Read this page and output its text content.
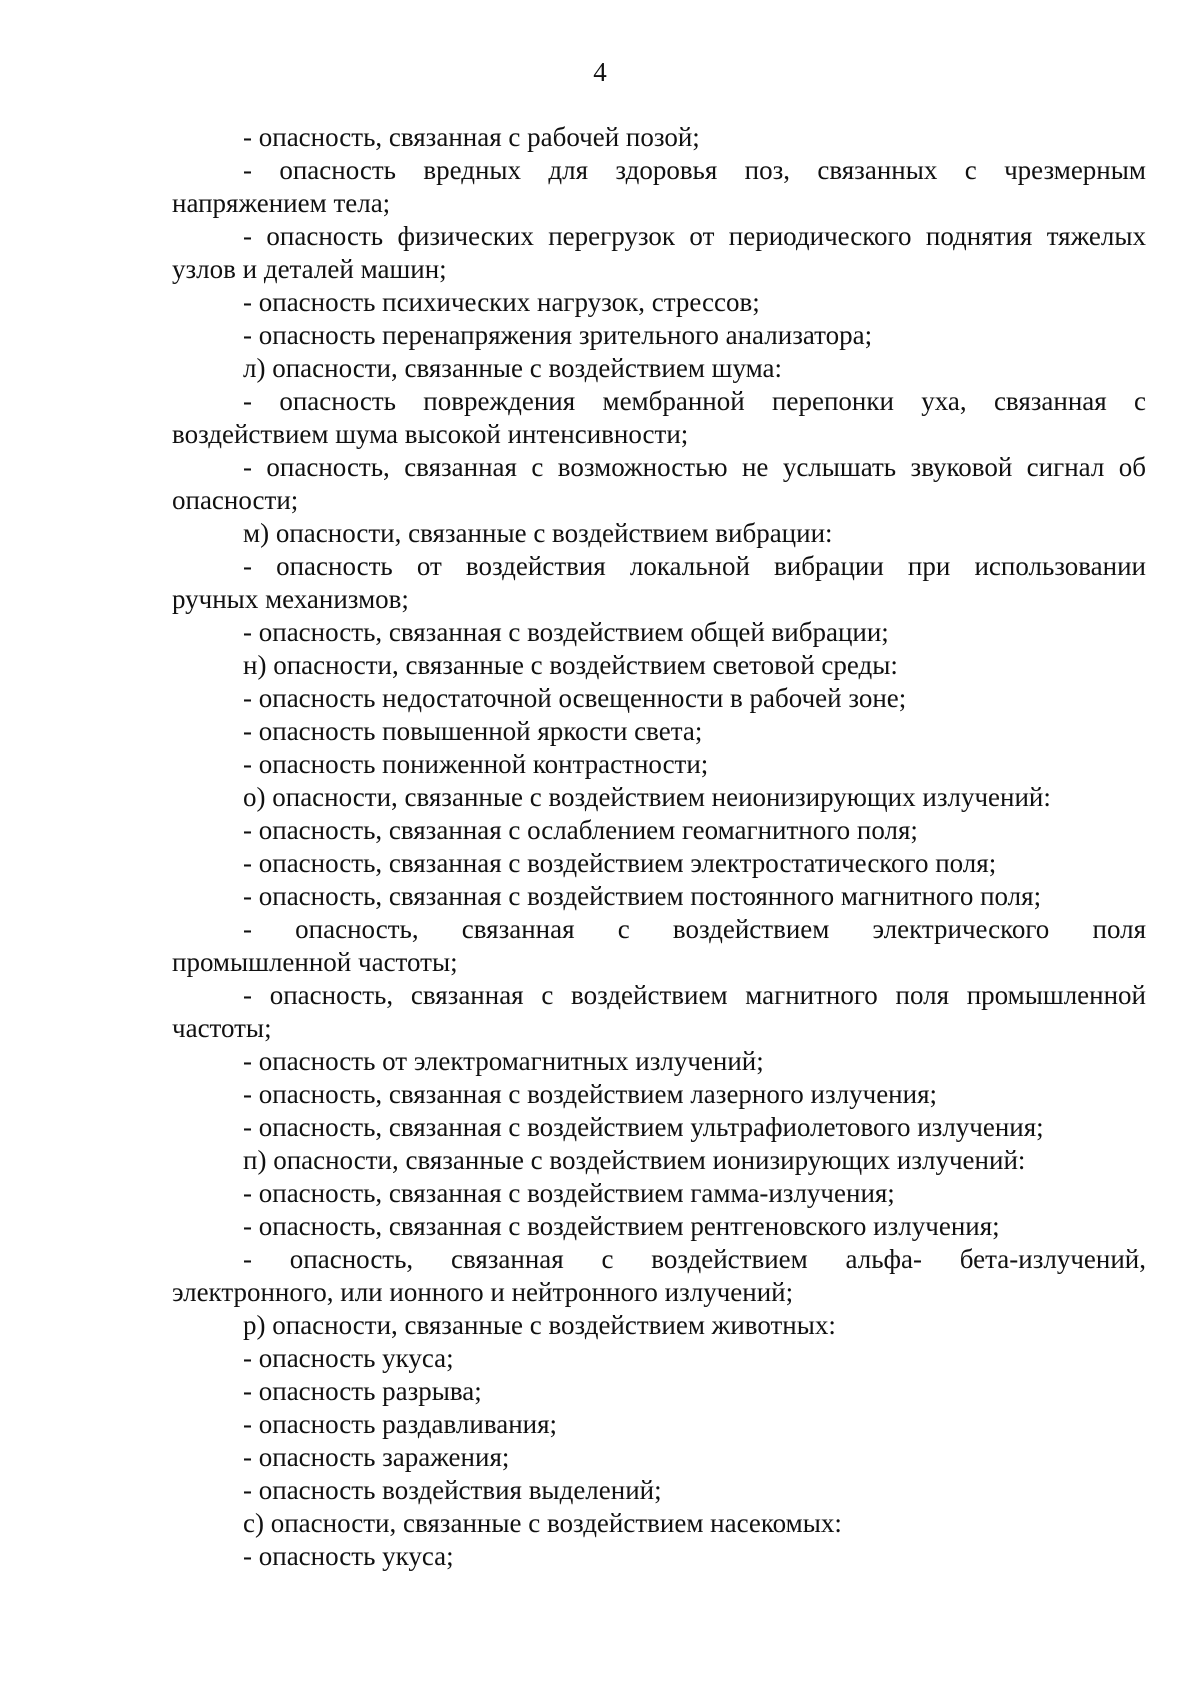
4
- опасность, связанная с рабочей позой;
- опасность вредных для здоровья поз, связанных с чрезмерным
напряжением тела;
- опасность физических перегрузок от периодического поднятия тяжелых
узлов и деталей машин;
- опасность психических нагрузок, стрессов;
- опасность перенапряжения зрительного анализатора;
л) опасности, связанные с воздействием шума:
- опасность повреждения мембранной перепонки уха, связанная с
воздействием шума высокой интенсивности;
- опасность, связанная с возможностью не услышать звуковой сигнал об
опасности;
м) опасности, связанные с воздействием вибрации:
- опасность от воздействия локальной вибрации при использовании
ручных механизмов;
- опасность, связанная с воздействием общей вибрации;
н) опасности, связанные с воздействием световой среды:
- опасность недостаточной освещенности в рабочей зоне;
- опасность повышенной яркости света;
- опасность пониженной контрастности;
о) опасности, связанные с воздействием неионизирующих излучений:
- опасность, связанная с ослаблением геомагнитного поля;
- опасность, связанная с воздействием электростатического поля;
- опасность, связанная с воздействием постоянного магнитного поля;
- опасность, связанная с воздействием электрического поля
промышленной частоты;
- опасность, связанная с воздействием магнитного поля промышленной
частоты;
- опасность от электромагнитных излучений;
- опасность, связанная с воздействием лазерного излучения;
- опасность, связанная с воздействием ультрафиолетового излучения;
п) опасности, связанные с воздействием ионизирующих излучений:
- опасность, связанная с воздействием гамма-излучения;
- опасность, связанная с воздействием рентгеновского излучения;
- опасность, связанная с воздействием альфа- бета-излучений,
электронного, или ионного и нейтронного излучений;
р) опасности, связанные с воздействием животных:
- опасность укуса;
- опасность разрыва;
- опасность раздавливания;
- опасность заражения;
- опасность воздействия выделений;
с) опасности, связанные с воздействием насекомых:
- опасность укуса;
